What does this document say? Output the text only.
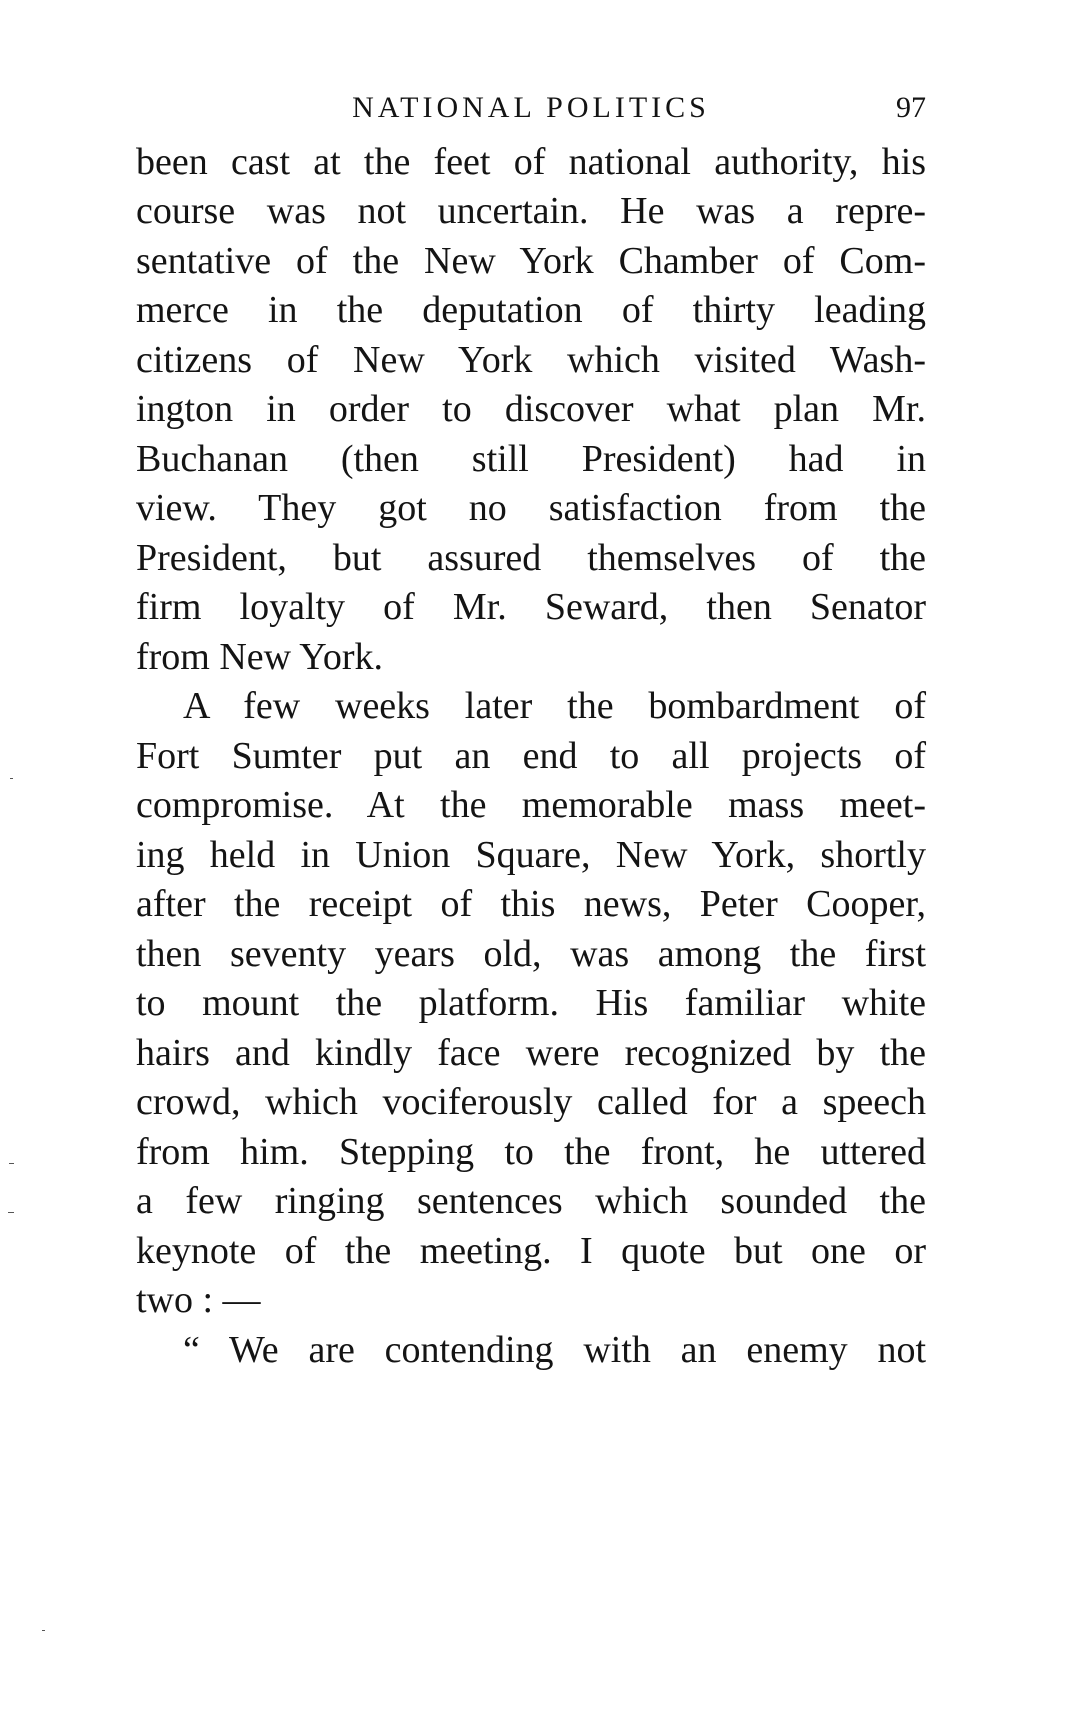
NATIONAL POLITICS	97
been cast at the feet of national authority, his
course was not uncertain. He was a repre-
sentative of the New York Chamber of Com-
merce in the deputation of thirty leading
citizens of New York which visited Wash-
ington in order to discover what plan Mr.
Buchanan (then still President) had in
view. They got no satisfaction from the
President, but assured themselves of the
firm loyalty of Mr. Seward, then Senator
from New York.
A few weeks later the bombardment of
Fort Sumter put an end to all projects of
compromise. At the memorable mass meet-
ing held in Union Square, New York, shortly
after the receipt of this news, Peter Cooper,
then seventy years old, was among the first
to mount the platform. His familiar white
hairs and kindly face were recognized by the
crowd, which vociferously called for a speech
from him. Stepping to the front, he uttered
a few ringing sentences which sounded the
keynote of the meeting. I quote but one or
two : —
“ We are contending with an enemy not
